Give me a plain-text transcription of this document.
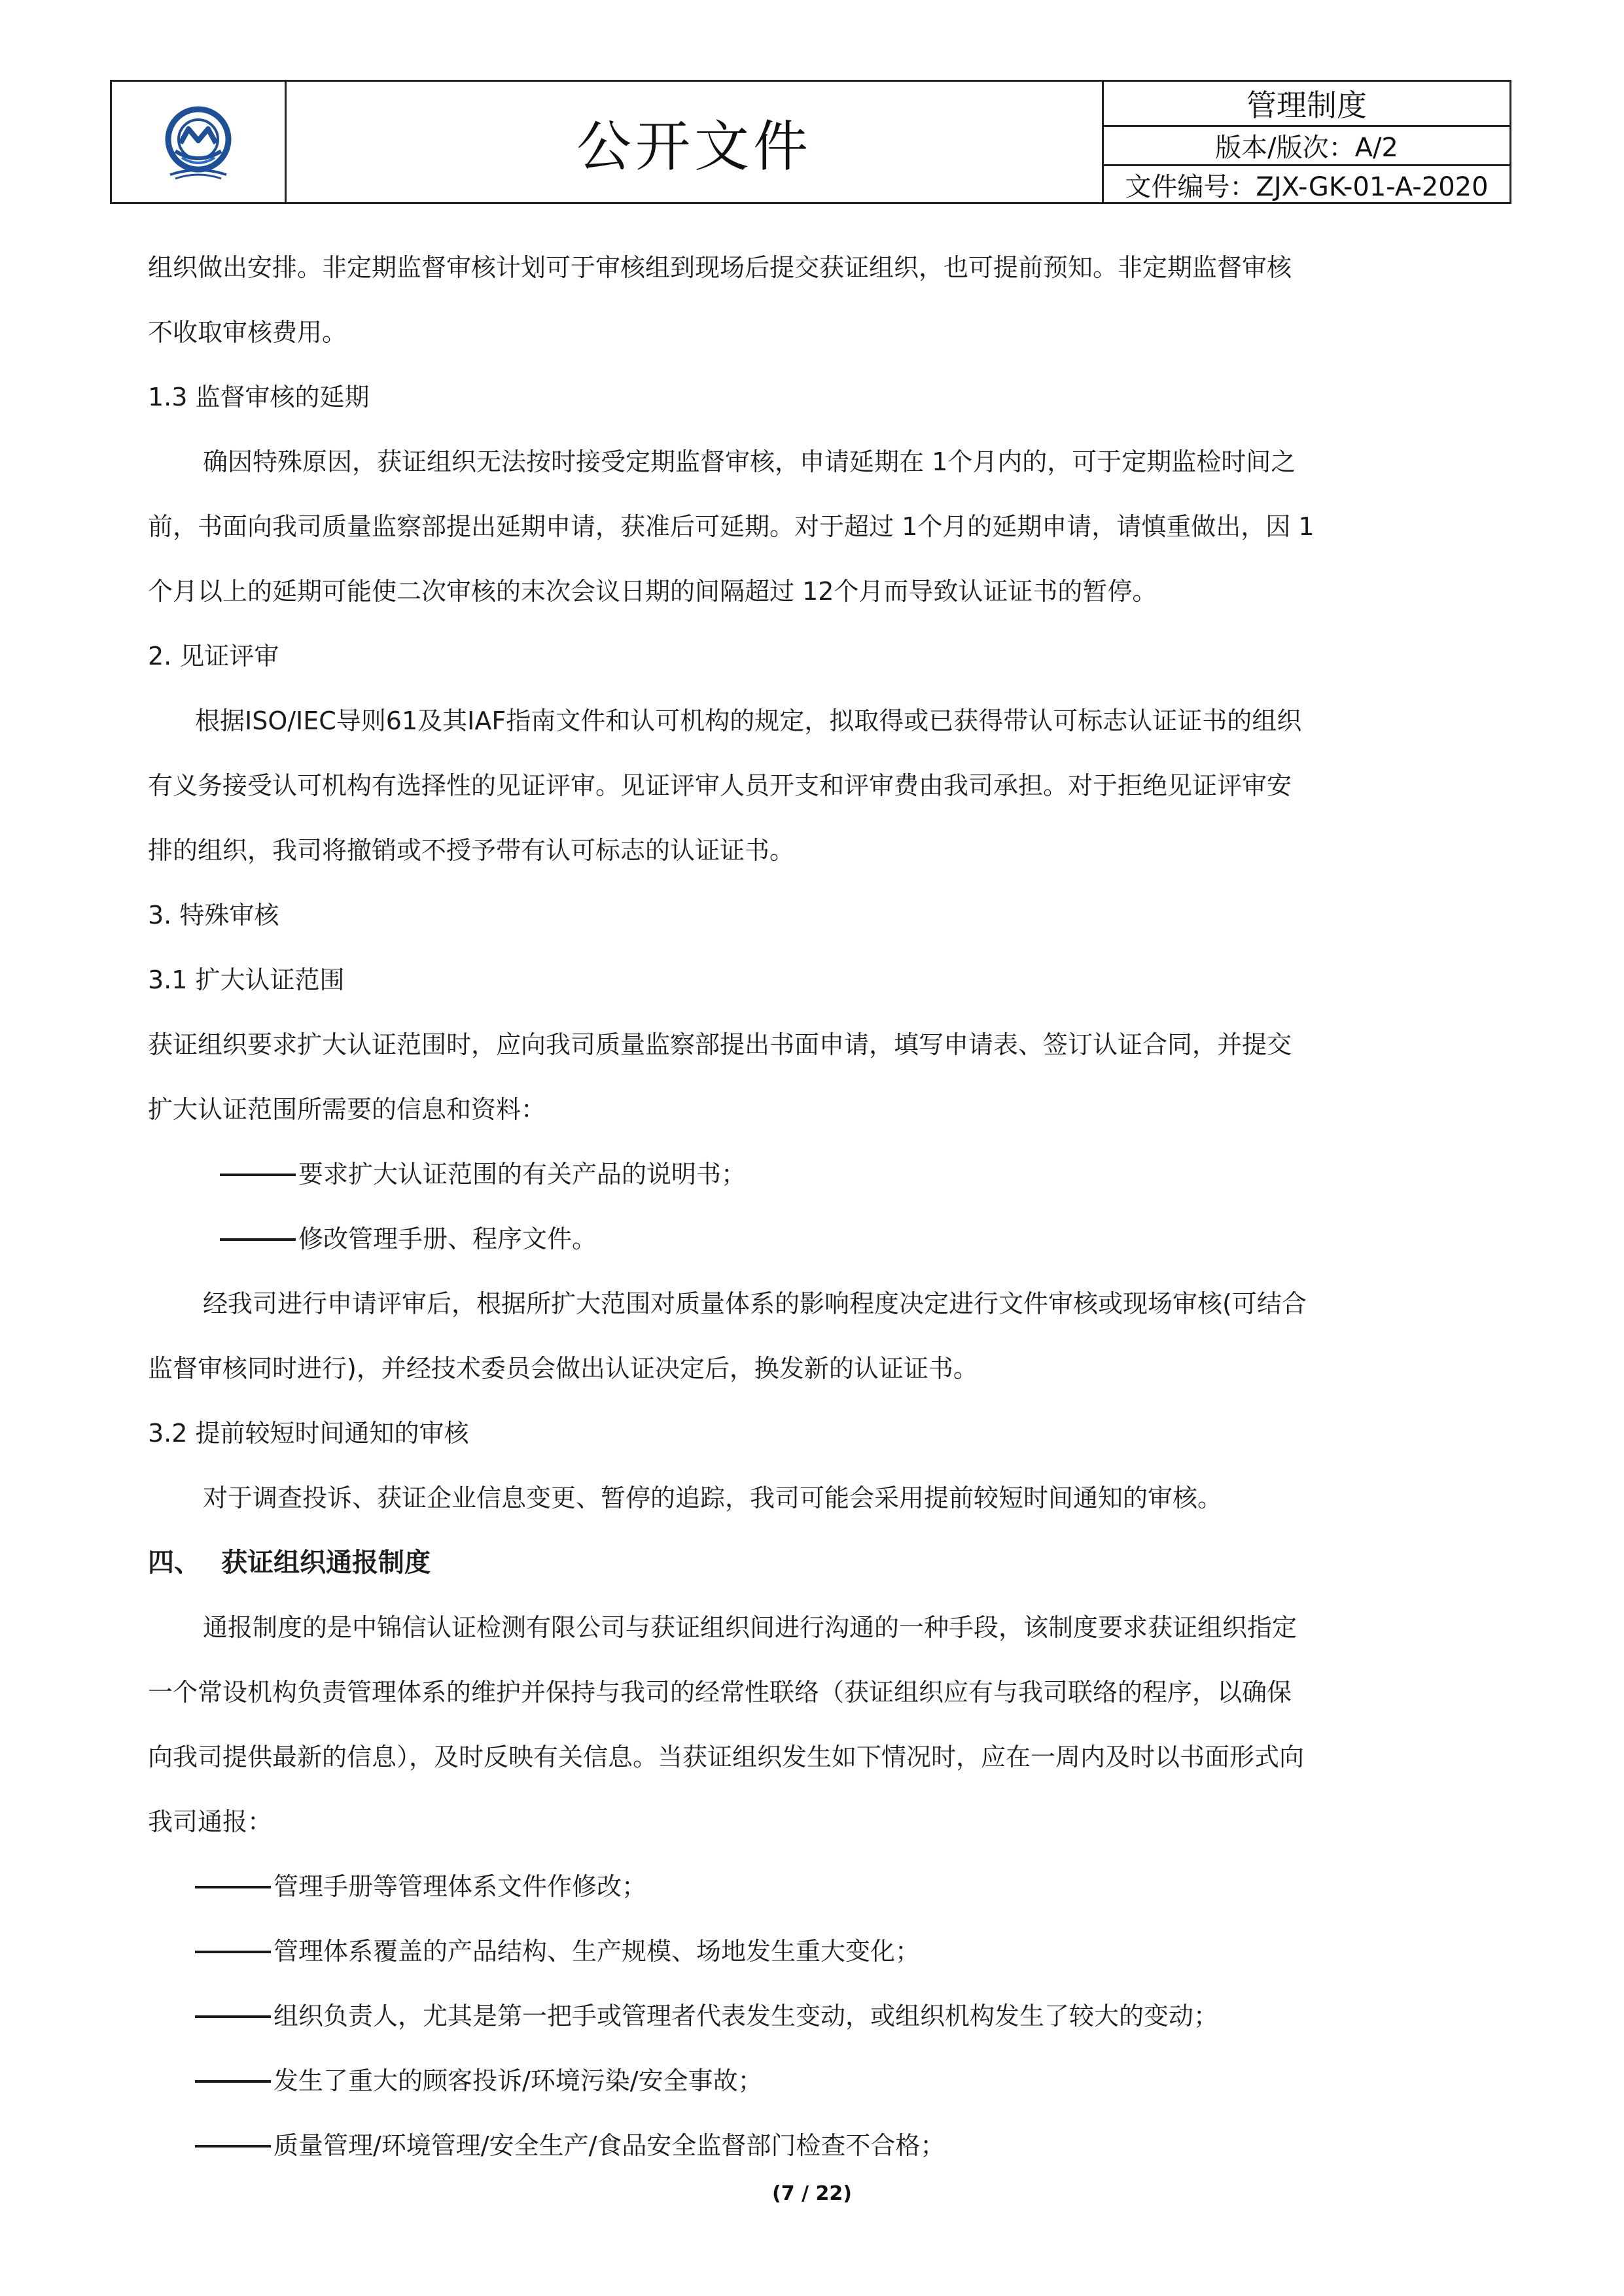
公开文件
管理制度
版本/版次：A/2
文件编号：ZJX-GK-01-A-2020
组织做出安排。非定期监督审核计划可于审核组到现场后提交获证组织，也可提前预知。非定期监督审核
不收取审核费用。
1.3 监督审核的延期
确因特殊原因，获证组织无法按时接受定期监督审核，申请延期在 1个月内的，可于定期监检时间之
前，书面向我司质量监察部提出延期申请，获准后可延期。对于超过 1个月的延期申请，请慎重做出，因 1
个月以上的延期可能使二次审核的末次会议日期的间隔超过 12个月而导致认证证书的暂停。
2. 见证评审
根据ISO/IEC导则61及其IAF指南文件和认可机构的规定，拟取得或已获得带认可标志认证证书的组织
有义务接受认可机构有选择性的见证评审。见证评审人员开支和评审费由我司承担。对于拒绝见证评审安
排的组织，我司将撤销或不授予带有认可标志的认证证书。
3. 特殊审核
3.1 扩大认证范围
获证组织要求扩大认证范围时，应向我司质量监察部提出书面申请，填写申请表、签订认证合同，并提交
扩大认证范围所需要的信息和资料：
要求扩大认证范围的有关产品的说明书；
修改管理手册、程序文件。
经我司进行申请评审后，根据所扩大范围对质量体系的影响程度决定进行文件审核或现场审核(可结合
监督审核同时进行)，并经技术委员会做出认证决定后，换发新的认证证书。
3.2 提前较短时间通知的审核
对于调查投诉、获证企业信息变更、暂停的追踪，我司可能会采用提前较短时间通知的审核。
四、 获证组织通报制度
通报制度的是中锦信认证检测有限公司与获证组织间进行沟通的一种手段，该制度要求获证组织指定
一个常设机构负责管理体系的维护并保持与我司的经常性联络（获证组织应有与我司联络的程序，以确保
向我司提供最新的信息），及时反映有关信息。当获证组织发生如下情况时，应在一周内及时以书面形式向
我司通报：
管理手册等管理体系文件作修改；
管理体系覆盖的产品结构、生产规模、场地发生重大变化；
组织负责人，尤其是第一把手或管理者代表发生变动，或组织机构发生了较大的变动；
发生了重大的顾客投诉/环境污染/安全事故；
质量管理/环境管理/安全生产/食品安全监督部门检查不合格；
(7 / 22)
